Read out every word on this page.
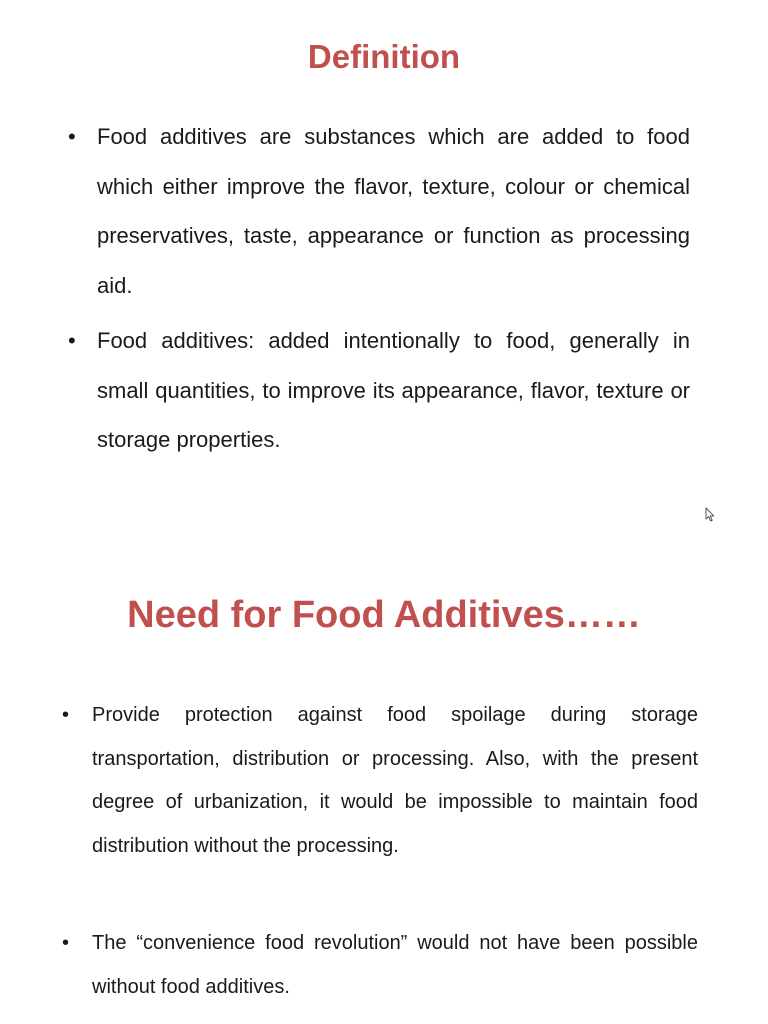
Definition
• Food additives are substances which are added to food which either improve the flavor, texture, colour or chemical preservatives, taste, appearance or function as processing aid.
• Food additives: added intentionally to food, generally in small quantities, to improve its appearance, flavor, texture or storage properties.
Need for Food Additives……
• Provide protection against food spoilage during storage transportation, distribution or processing. Also, with the present degree of urbanization, it would be impossible to maintain food distribution without the processing.
• The “convenience food revolution” would not have been possible without food additives.
